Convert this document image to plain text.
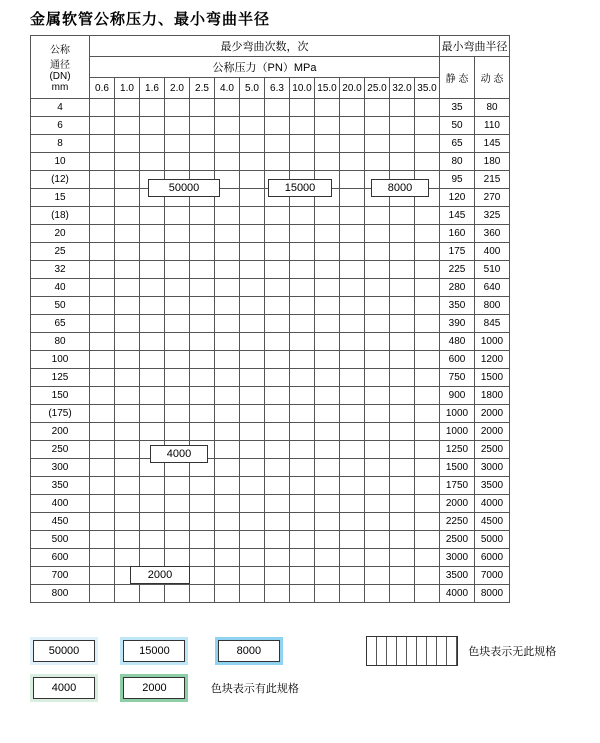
金属软管公称压力、最小弯曲半径
公称
通径
(DN)
mm	最少弯曲次数，次														最小弯曲半径	
	公称压力（PN）MPa														静 态	动 态
	0.6	1.0	1.6	2.0	2.5	4.0	5.0	6.3	10.0	15.0	20.0	25.0	32.0	35.0		
4															35	80
6															50	110
8															65	145
10															80	180
(12)															95	215
15															120	270
(18)															145	325
20															160	360
25															175	400
32															225	510
40															280	640
50															350	800
65															390	845
80															480	1000
100															600	1200
125															750	1500
150															900	1800
(175)															1000	2000
200															1000	2000
250															1250	2500
300															1500	3000
350															1750	3500
400															2000	4000
450															2250	4500
500															2500	5000
600															3000	6000
700															3500	7000
800															4000	8000
50000	15000	8000
4000
2000
50000	15000	8000	色块表示无此规格
4000	2000	色块表示有此规格
